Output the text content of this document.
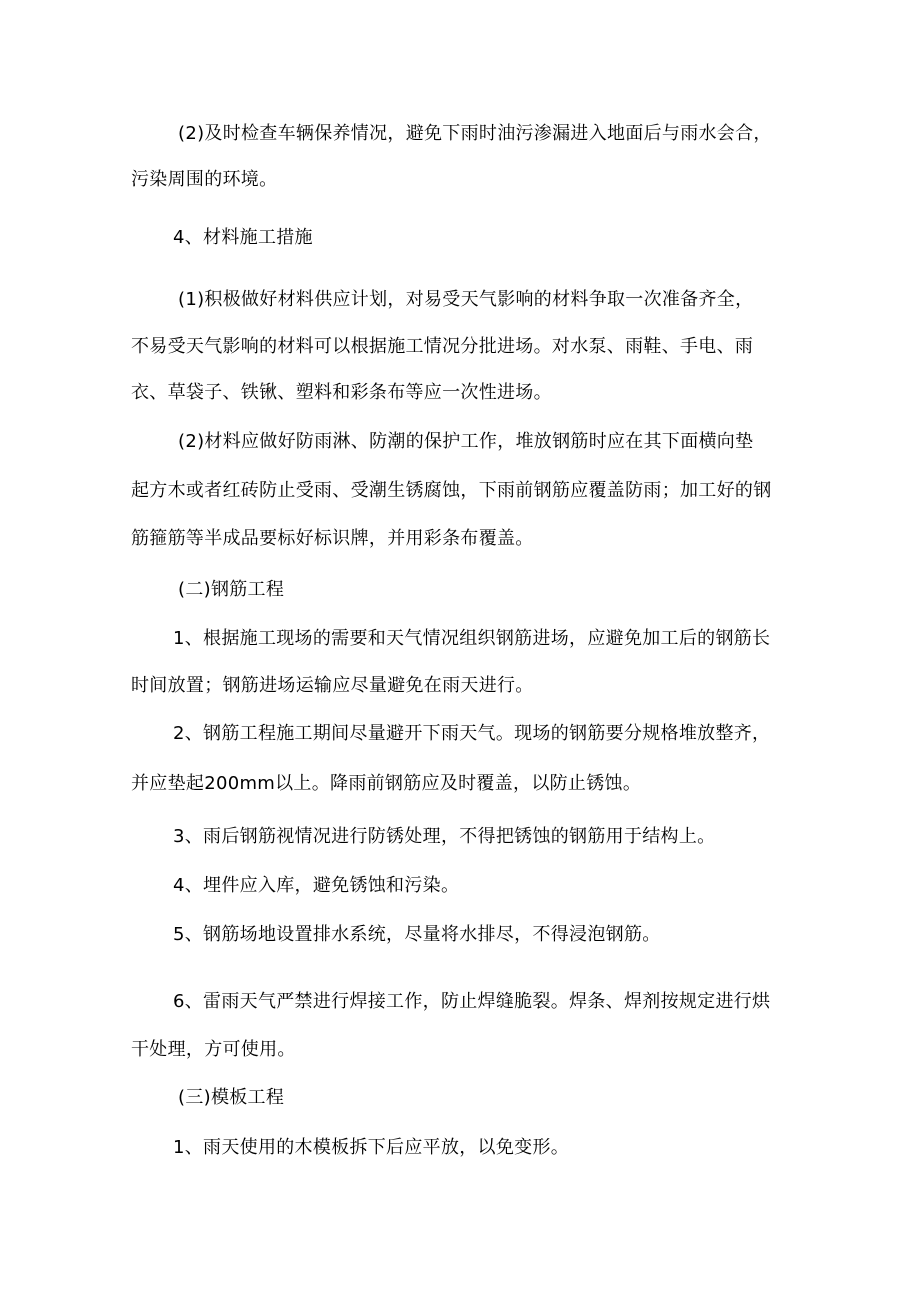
(2)及时检查车辆保养情况，避免下雨时油污渗漏进入地面后与雨水会合，
污染周围的环境。
4、材料施工措施
(1)积极做好材料供应计划，对易受天气影响的材料争取一次准备齐全，
不易受天气影响的材料可以根据施工情况分批进场。对水泵、雨鞋、手电、雨
衣、草袋子、铁锹、塑料和彩条布等应一次性进场。
(2)材料应做好防雨淋、防潮的保护工作，堆放钢筋时应在其下面横向垫
起方木或者红砖防止受雨、受潮生锈腐蚀，下雨前钢筋应覆盖防雨；加工好的钢
筋箍筋等半成品要标好标识牌，并用彩条布覆盖。
(二)钢筋工程
1、根据施工现场的需要和天气情况组织钢筋进场，应避免加工后的钢筋长
时间放置；钢筋进场运输应尽量避免在雨天进行。
2、钢筋工程施工期间尽量避开下雨天气。现场的钢筋要分规格堆放整齐，
并应垫起200mm以上。降雨前钢筋应及时覆盖，以防止锈蚀。
3、雨后钢筋视情况进行防锈处理，不得把锈蚀的钢筋用于结构上。
4、埋件应入库，避免锈蚀和污染。
5、钢筋场地设置排水系统，尽量将水排尽，不得浸泡钢筋。
6、雷雨天气严禁进行焊接工作，防止焊缝脆裂。焊条、焊剂按规定进行烘
干处理，方可使用。
(三)模板工程
1、雨天使用的木模板拆下后应平放，以免变形。
